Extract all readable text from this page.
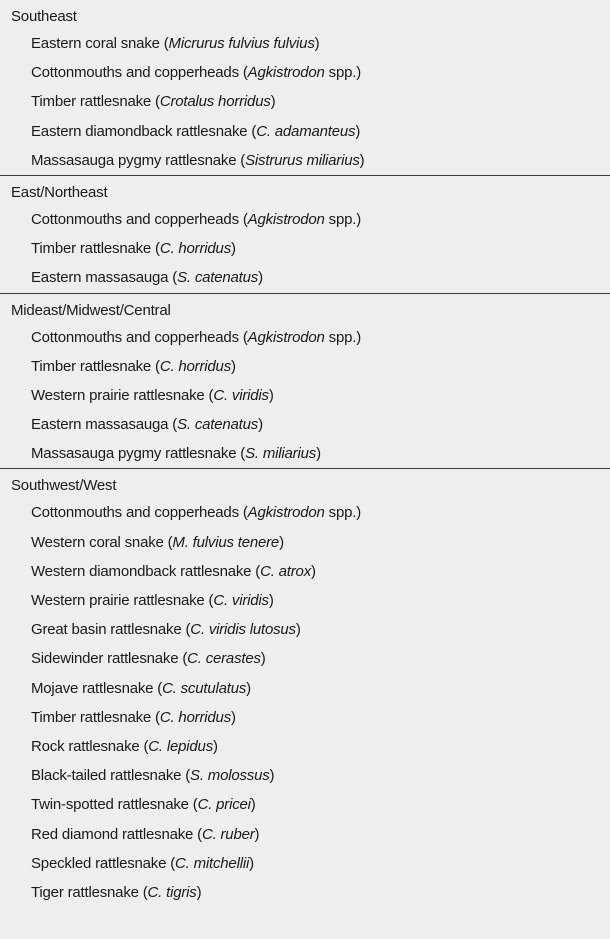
Southeast
Eastern coral snake (Micrurus fulvius fulvius)
Cottonmouths and copperheads (Agkistrodon spp.)
Timber rattlesnake (Crotalus horridus)
Eastern diamondback rattlesnake (C. adamanteus)
Massasauga pygmy rattlesnake (Sistrurus miliarius)
East/Northeast
Cottonmouths and copperheads (Agkistrodon spp.)
Timber rattlesnake (C. horridus)
Eastern massasauga (S. catenatus)
Mideast/Midwest/Central
Cottonmouths and copperheads (Agkistrodon spp.)
Timber rattlesnake (C. horridus)
Western prairie rattlesnake (C. viridis)
Eastern massasauga (S. catenatus)
Massasauga pygmy rattlesnake (S. miliarius)
Southwest/West
Cottonmouths and copperheads (Agkistrodon spp.)
Western coral snake (M. fulvius tenere)
Western diamondback rattlesnake (C. atrox)
Western prairie rattlesnake (C. viridis)
Great basin rattlesnake (C. viridis lutosus)
Sidewinder rattlesnake (C. cerastes)
Mojave rattlesnake (C. scutulatus)
Timber rattlesnake (C. horridus)
Rock rattlesnake (C. lepidus)
Black-tailed rattlesnake (S. molossus)
Twin-spotted rattlesnake (C. pricei)
Red diamond rattlesnake (C. ruber)
Speckled rattlesnake (C. mitchellii)
Tiger rattlesnake (C. tigris)
